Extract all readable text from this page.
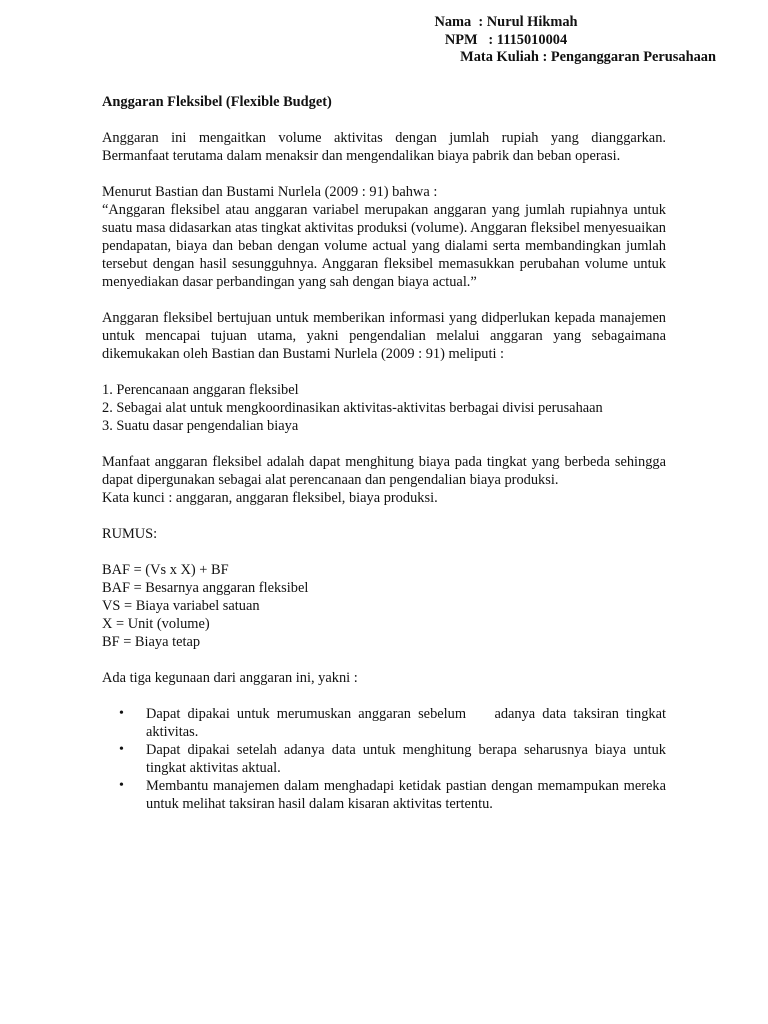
Nama  : Nurul Hikmah
NPM   : 1115010004
Mata Kuliah : Penganggaran Perusahaan

Anggaran Fleksibel (Flexible Budget)

Anggaran ini mengaitkan volume aktivitas dengan jumlah rupiah yang dianggarkan.

Bermanfaat terutama dalam menaksir dan mengendalikan biaya pabrik dan beban operasi.

Menurut Bastian dan Bustami Nurlela (2009 : 91) bahwa :

“Anggaran fleksibel atau anggaran variabel merupakan anggaran yang jumlah rupiahnya untuk suatu masa didasarkan atas tingkat aktivitas produksi (volume). Anggaran fleksibel menyesuaikan pendapatan, biaya dan beban dengan volume actual yang dialami serta membandingkan jumlah tersebut dengan hasil sesungguhnya. Anggaran fleksibel memasukkan perubahan volume untuk menyediakan dasar perbandingan yang sah dengan biaya actual.”

Anggaran fleksibel bertujuan untuk memberikan informasi yang didperlukan kepada manajemen untuk mencapai tujuan utama, yakni pengendalian melalui anggaran yang sebagaimana dikemukakan oleh Bastian dan Bustami Nurlela (2009 : 91) meliputi :

1. Perencanaan anggaran fleksibel
2. Sebagai alat untuk mengkoordinasikan aktivitas-aktivitas berbagai divisi perusahaan
3. Suatu dasar pengendalian biaya

Manfaat anggaran fleksibel adalah dapat menghitung biaya pada tingkat yang berbeda sehingga dapat dipergunakan sebagai alat perencanaan dan pengendalian biaya produksi.

Kata kunci : anggaran, anggaran fleksibel, biaya produksi.

RUMUS:

BAF = (Vs x X) + BF
BAF = Besarnya anggaran fleksibel
VS = Biaya variabel satuan
X = Unit (volume)
BF = Biaya tetap

Ada tiga kegunaan dari anggaran ini, yakni :

• Dapat dipakai untuk merumuskan anggaran sebelum    adanya data taksiran tingkat aktivitas.
• Dapat dipakai setelah adanya data untuk menghitung berapa seharusnya biaya untuk tingkat aktivitas aktual.
• Membantu manajemen dalam menghadapi ketidak pastian dengan memampukan mereka untuk melihat taksiran hasil dalam kisaran aktivitas tertentu.
